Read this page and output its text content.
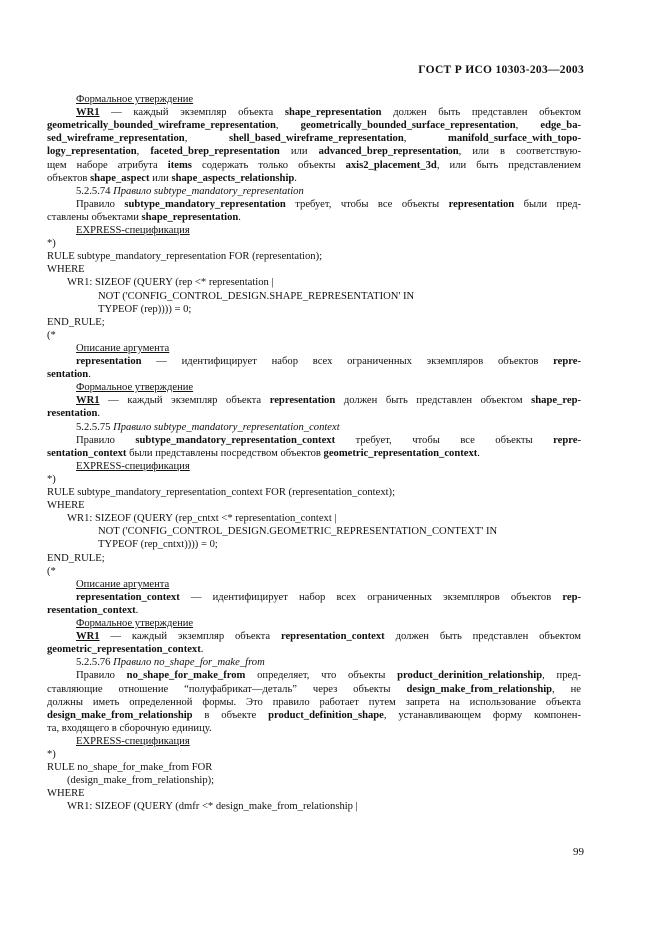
ГОСТ Р ИСО 10303-203—2003
Формальное утверждение
WR1 — каждый экземпляр объекта shape_representation должен быть представлен объектом
geometrically_bounded_wireframe_representation, geometrically_bounded_surface_representation, edge_ba-
sed_wireframe_representation, shell_based_wireframe_representation, manifold_surface_with_topo-
logy_representation, faceted_brep_representation или advanced_brep_representation, или в соответствую-
щем наборе атрибута items содержать только объекты axis2_placement_3d, или быть представлением
объектов shape_aspect или shape_aspects_relationship.
5.2.5.74 Правило subtype_mandatory_representation
Правило subtype_mandatory_representation требует, чтобы все объекты representation были пред-
ставлены объектами shape_representation.
EXPRESS-спецификация
*)
RULE subtype_mandatory_representation FOR (representation);
WHERE
WR1: SIZEOF (QUERY (rep <* representation |
NOT ('CONFIG_CONTROL_DESIGN.SHAPE_REPRESENTATION' IN
TYPEOF (rep)))) = 0;
END_RULE;
(*
Описание аргумента
representation — идентифицирует набор всех ограниченных экземпляров объектов repre-
sentation.
Формальное утверждение
WR1 — каждый экземпляр объекта representation должен быть представлен объектом shape_rep-
resentation.
5.2.5.75 Правило subtype_mandatory_representation_context
Правило subtype_mandatory_representation_context требует, чтобы все объекты repre-
sentation_context были представлены посредством объектов geometric_representation_context.
EXPRESS-спецификация
*)
RULE subtype_mandatory_representation_context FOR (representation_context);
WHERE
WR1: SIZEOF (QUERY (rep_cntxt <* representation_context |
NOT ('CONFIG_CONTROL_DESIGN.GEOMETRIC_REPRESENTATION_CONTEXT' IN
TYPEOF (rep_cntxt)))) = 0;
END_RULE;
(*
Описание аргумента
representation_context — идентифицирует набор всех ограниченных экземпляров объектов rep-
resentation_context.
Формальное утверждение
WR1 — каждый экземпляр объекта representation_context должен быть представлен объектом
geometric_representation_context.
5.2.5.76 Правило no_shape_for_make_from
Правило no_shape_for_make_from определяет, что объекты product_derinition_relationship, пред-
ставляющие отношение “полуфабрикат—деталь” через объекты design_make_from_relationship, не
должны иметь определенной формы. Это правило работает путем запрета на использование объекта
design_make_from_relationship в объекте product_definition_shape, устанавливающем форму компонен-
та, входящего в сборочную единицу.
EXPRESS-спецификация
*)
RULE no_shape_for_make_from FOR
(design_make_from_relationship);
WHERE
WR1: SIZEOF (QUERY (dmfr <* design_make_from_relationship |
99
